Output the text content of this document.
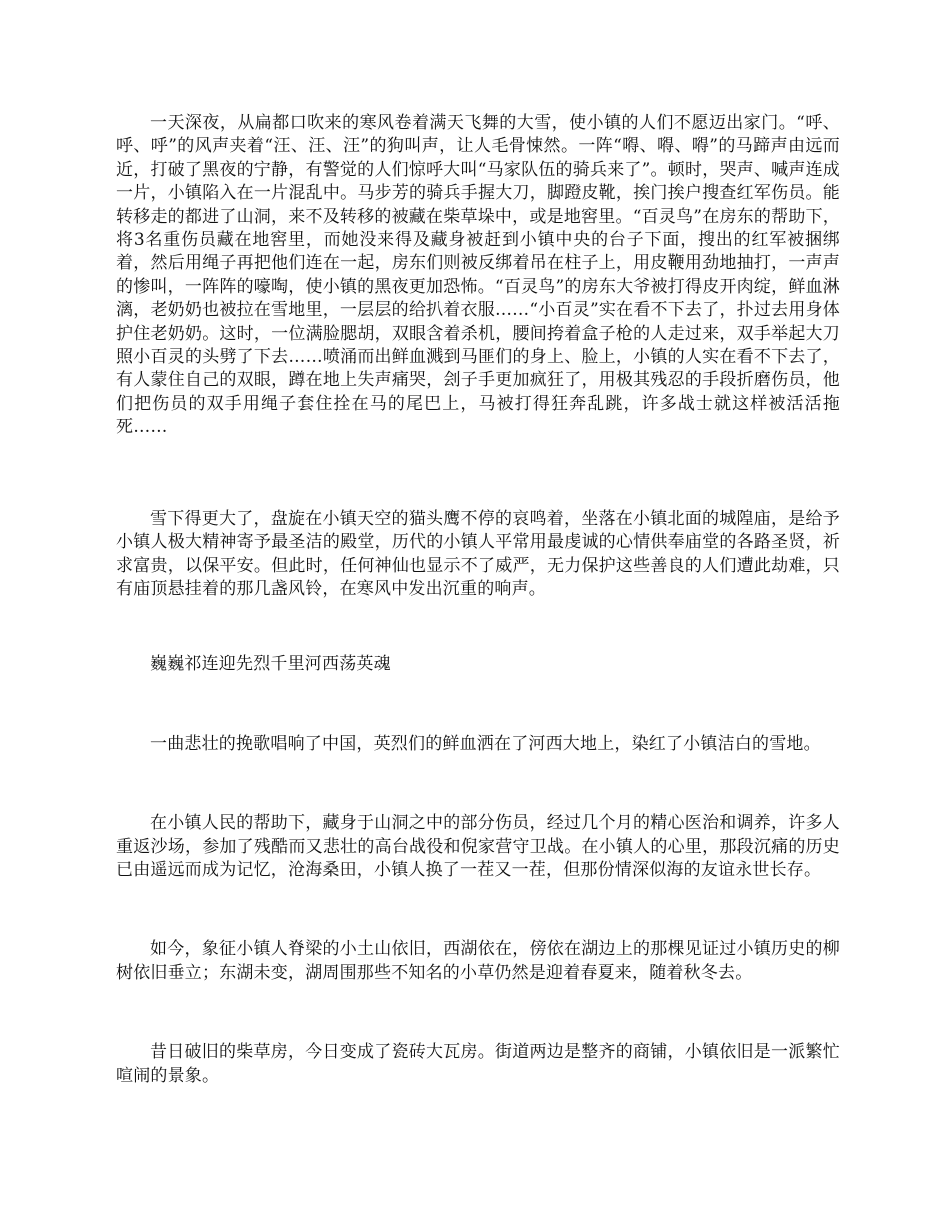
一天深夜，从扁都口吹来的寒风卷着满天飞舞的大雪，使小镇的人们不愿迈出家门。“呼、呼、呼”的风声夹着“汪、汪、汪”的狗叫声，让人毛骨悚然。一阵“嘚、嘚、嘚”的马蹄声由远而近，打破了黑夜的宁静，有警觉的人们惊呼大叫“马家队伍的骑兵来了”。顿时，哭声、喊声连成一片，小镇陷入在一片混乱中。马步芳的骑兵手握大刀，脚蹬皮靴，挨门挨户搜查红军伤员。能转移走的都进了山洞，来不及转移的被藏在柴草垛中，或是地窖里。“百灵鸟”在房东的帮助下，将3名重伤员藏在地窖里，而她没来得及藏身被赶到小镇中央的台子下面，搜出的红军被捆绑着，然后用绳子再把他们连在一起，房东们则被反绑着吊在柱子上，用皮鞭用劲地抽打，一声声的惨叫，一阵阵的嚎啕，使小镇的黑夜更加恐怖。“百灵鸟”的房东大爷被打得皮开肉绽，鲜血淋漓，老奶奶也被拉在雪地里，一层层的给扒着衣服……“小百灵”实在看不下去了，扑过去用身体护住老奶奶。这时，一位满脸腮胡，双眼含着杀机，腰间挎着盒子枪的人走过来，双手举起大刀照小百灵的头劈了下去……喷涌而出鲜血溅到马匪们的身上、脸上，小镇的人实在看不下去了，有人蒙住自己的双眼，蹲在地上失声痛哭，刽子手更加疯狂了，用极其残忍的手段折磨伤员，他们把伤员的双手用绳子套住拴在马的尾巴上，马被打得狂奔乱跳，许多战士就这样被活活拖死……

雪下得更大了，盘旋在小镇天空的猫头鹰不停的哀鸣着，坐落在小镇北面的城隍庙，是给予小镇人极大精神寄予最圣洁的殿堂，历代的小镇人平常用最虔诚的心情供奉庙堂的各路圣贤，祈求富贵，以保平安。但此时，任何神仙也显示不了威严，无力保护这些善良的人们遭此劫难，只有庙顶悬挂着的那几盏风铃，在寒风中发出沉重的响声。

巍巍祁连迎先烈千里河西荡英魂

一曲悲壮的挽歌唱响了中国，英烈们的鲜血洒在了河西大地上，染红了小镇洁白的雪地。

在小镇人民的帮助下，藏身于山洞之中的部分伤员，经过几个月的精心医治和调养，许多人重返沙场，参加了残酷而又悲壮的高台战役和倪家营守卫战。在小镇人的心里，那段沉痛的历史已由遥远而成为记忆，沧海桑田，小镇人换了一茬又一茬，但那份情深似海的友谊永世长存。

如今，象征小镇人脊梁的小土山依旧，西湖依在，傍依在湖边上的那棵见证过小镇历史的柳树依旧垂立；东湖未变，湖周围那些不知名的小草仍然是迎着春夏来，随着秋冬去。

昔日破旧的柴草房，今日变成了瓷砖大瓦房。街道两边是整齐的商铺，小镇依旧是一派繁忙喧闹的景象。
